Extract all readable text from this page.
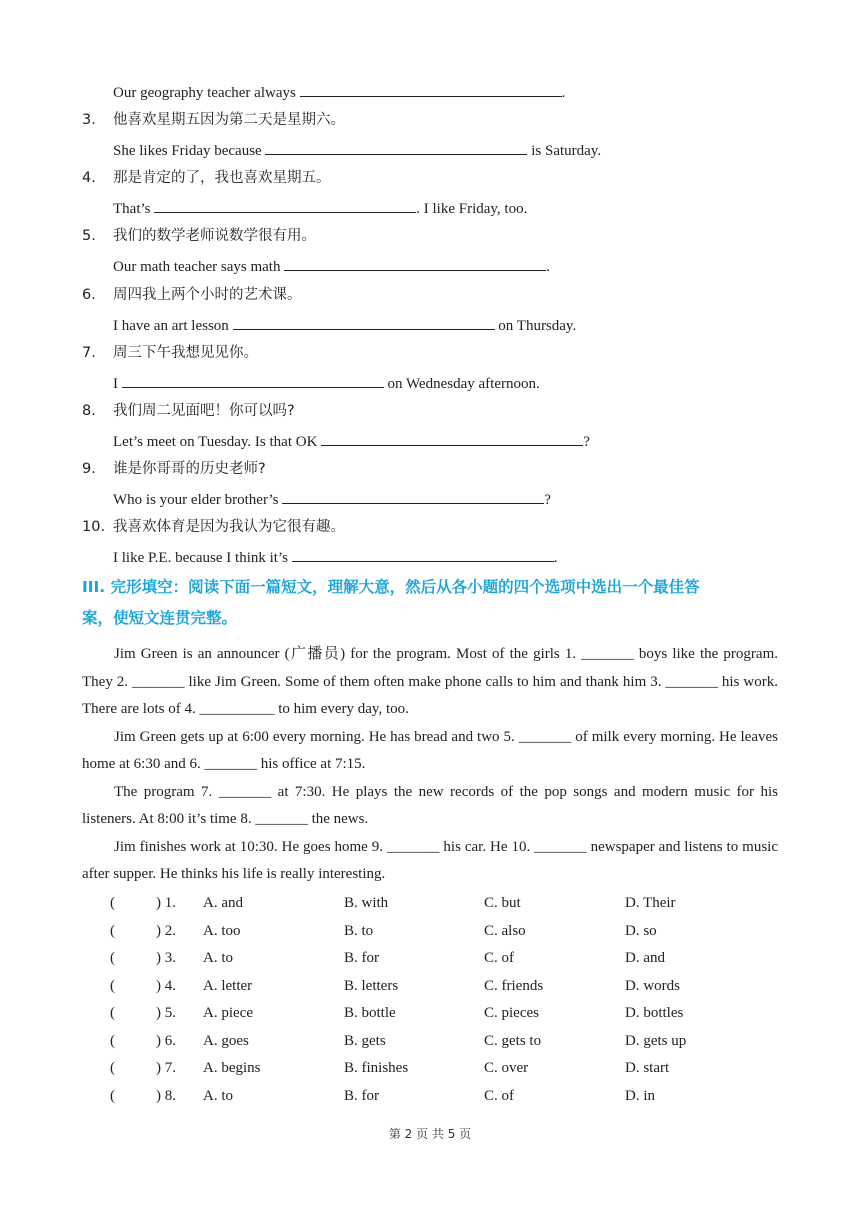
Our geography teacher always	.
3.	他喜欢星期五因为第二天是星期六。
She likes Friday because	is Saturday.
4.	那是肯定的了，我也喜欢星期五。
That’s	. I like Friday, too.
5.	我们的数学老师说数学很有用。
Our math teacher says math	.
6.	周四我上两个小时的艺术课。
I have an art lesson	on Thursday.
7.	周三下午我想见见你。
I	on Wednesday afternoon.
8.	我们周二见面吧！你可以吗?
Let’s meet on Tuesday. Is that OK	?
9.	谁是你哥哥的历史老师?
Who is your elder brother’s	?
10. 我喜欢体育是因为我认为它很有趣。
I like P.E. because I think it’s	.
III. 完形填空：阅读下面一篇短文，理解大意，然后从各小题的四个选项中选出一个最佳答
案，使短文连贯完整。

Jim Green is an announcer (广播员) for the program. Most of the girls 1. _______ boys like the program. They 2. _______ like Jim Green. Some of them often make phone calls to him and thank him 3. _______ his work. There are lots of 4. __________ to him every day, too.

Jim Green gets up at 6:00 every morning. He has bread and two 5. _______ of milk every morning. He leaves home at 6:30 and 6. _______ his office at 7:15.

The program 7. _______ at 7:30. He plays the new records of the pop songs and modern music for his listeners. At 8:00 it’s time 8. _______ the news.

Jim finishes work at 10:30. He goes home 9. _______ his car. He 10. _______ newspaper and listens to music after supper. He thinks his life is really interesting.

(	) 1. A. and	B. with	C. but	D. Their
(	) 2. A. too	B. to	C. also	D. so
(	) 3. A. to	B. for	C. of	D. and
(	) 4. A. letter	B. letters	C. friends	D. words
(	) 5. A. piece	B. bottle	C. pieces	D. bottles
(	) 6. A. goes	B. gets	C. gets to	D. gets up
(	) 7. A. begins	B. finishes	C. over	D. start
(	) 8. A. to	B. for	C. of	D. in
第 2 页 共 5 页
